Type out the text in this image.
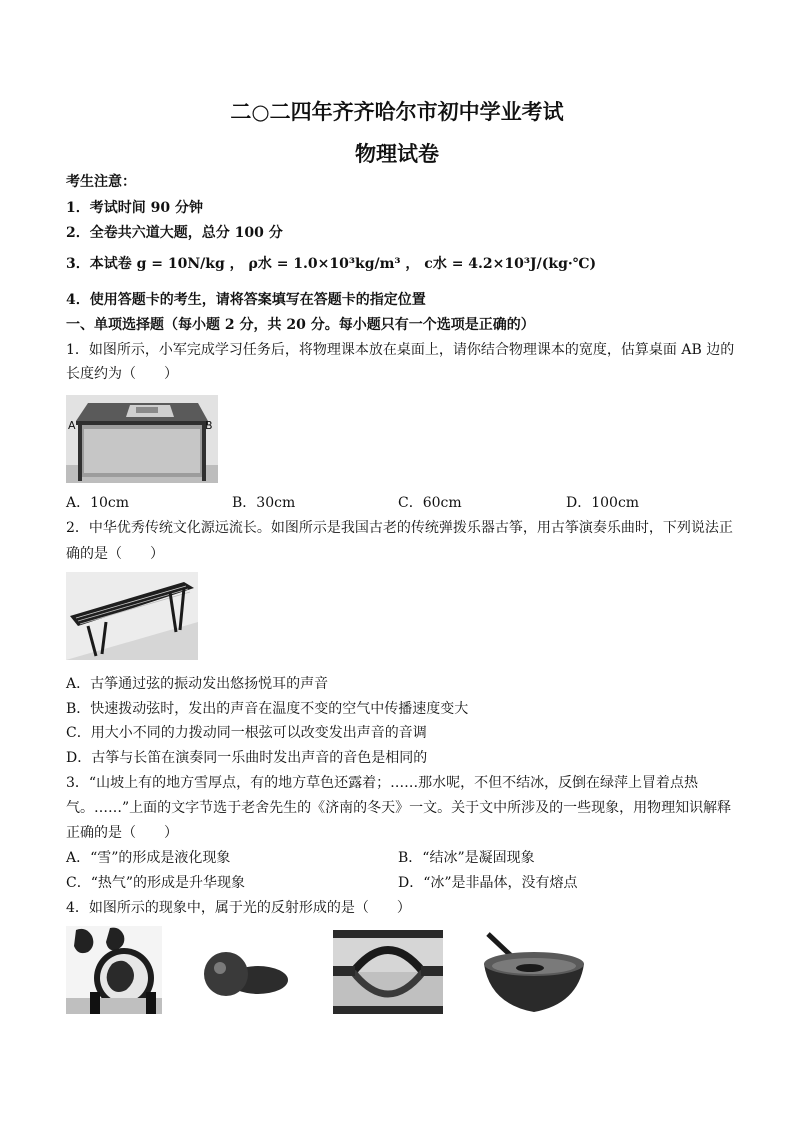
二○二四年齐齐哈尔市初中学业考试
物理试卷
考生注意：
1．考试时间 90 分钟
2．全卷共六道大题，总分 100 分
3．本试卷 g = 10N/kg ， ρ水 = 1.0×10³kg/m³ ， c水 = 4.2×10³J/(kg·℃)
4．使用答题卡的考生，请将答案填写在答题卡的指定位置
一、单项选择题（每小题 2 分，共 20 分。每小题只有一个选项是正确的）
1．如图所示，小军完成学习任务后，将物理课本放在桌面上，请你结合物理课本的宽度，估算桌面 AB 边的
长度约为（　　）
A	B
A．10cm	B．30cm	C．60cm	D．100cm
2．中华优秀传统文化源远流长。如图所示是我国古老的传统弹拨乐器古筝，用古筝演奏乐曲时，下列说法正
确的是（　　）
A．古筝通过弦的振动发出悠扬悦耳的声音
B．快速拨动弦时，发出的声音在温度不变的空气中传播速度变大
C．用大小不同的力拨动同一根弦可以改变发出声音的音调
D．古筝与长笛在演奏同一乐曲时发出声音的音色是相同的
3．“山坡上有的地方雪厚点，有的地方草色还露着；……那水呢，不但不结冰，反倒在绿萍上冒着点热
气。……”上面的文字节选于老舍先生的《济南的冬天》一文。关于文中所涉及的一些现象，用物理知识解释
正确的是（　　）
A．“雪”的形成是液化现象	B．“结冰”是凝固现象
C．“热气”的形成是升华现象	D．“冰”是非晶体，没有熔点
4．如图所示的现象中，属于光的反射形成的是（　　）
